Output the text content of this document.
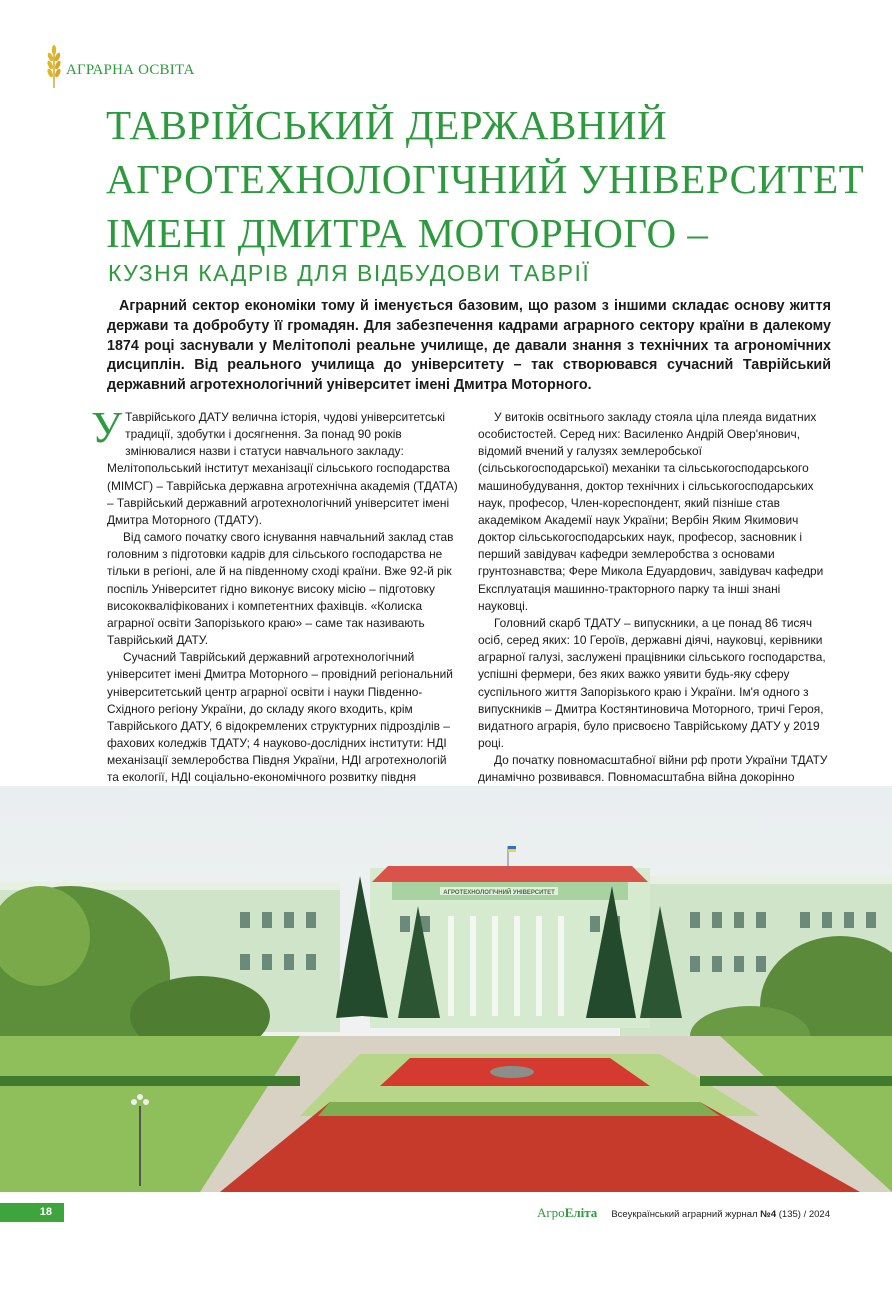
АГРАРНА ОСВІТА
ТАВРІЙСЬКИЙ ДЕРЖАВНИЙ
АГРОТЕХНОЛОГІЧНИЙ УНІВЕРСИТЕТ
ІМЕНІ ДМИТРА МОТОРНОГО –
КУЗНЯ КАДРІВ ДЛЯ ВІДБУДОВИ ТАВРІЇ

Аграрний сектор економіки тому й іменується базовим, що разом з іншими складає основу життя держави та добробуту її громадян. Для забезпечення кадрами аграрного сектору країни в далекому 1874 році заснували у Мелітополі реальне училище, де давали знання з технічних та агрономічних дисциплін. Від реального училища до університету – так створювався сучасний Таврійський державний агротехнологічний університет імені Дмитра Моторного.

У Таврійського ДАТУ велична історія, чудові університетські традиції, здобутки і досягнення. За понад 90 років змінювалися назви і статуси навчального закладу: Мелітопольський інститут механізації сільського господарства (МІМСГ) – Таврійська державна агротехнічна академія (ТДАТА) – Таврійський державний агротехнологічний університет імені Дмитра Моторного (ТДАТУ).

Від самого початку свого існування навчальний заклад став головним з підготовки кадрів для сільського господарства не тільки в регіоні, але й на південному сході країни. Вже 92-й рік поспіль Університет гідно виконує високу місію – підготовку висококваліфікованих і компетентних фахівців. «Колиска аграрної освіти Запорізького краю» – саме так називають Таврійський ДАТУ.

Сучасний Таврійський державний агротехнологічний університет імені Дмитра Моторного – провідний регіональний університетський центр аграрної освіти і науки Південно-Східного регіону України, до складу якого входить, крім Таврійського ДАТУ, 6 відокремлених структурних підрозділів – фахових коледжів ТДАТУ; 4 науково-дослідних інститути: НДІ механізації землеробства Півдня України, НДІ агротехнологій та екології, НДІ соціально-економічного розвитку півдня

У витоків освітнього закладу стояла ціла плеяда видатних особистостей. Серед них: Василенко Андрій Овер'янович, відомий вчений у галузях землеробської (сільськогосподарської) механіки та сільськогосподарського машинобудування, доктор технічних і сільськогосподарських наук, професор, Член-кореспондент, який пізніше став академіком Академії наук України; Вербін Яким Якимович доктор сільськогосподарських наук, професор, засновник і перший завідувач кафедри землеробства з основами грунтознавства; Фере Микола Едуардович, завідувач кафедри Експлуатація машинно-тракторного парку та інші знані науковці.

Головний скарб ТДАТУ – випускники, а це понад 86 тисяч осіб, серед яких: 10 Героїв, державні діячі, науковці, керівники аграрної галузі, заслужені працівники сільського господарства, успішні фермери, без яких важко уявити будь-яку сферу суспільного життя Запорізького краю і України. Ім'я одного з випускників – Дмитра Костянтиновича Моторного, тричі Героя, видатного аграрія, було присвоєно Таврійському ДАТУ у 2019 році.

До початку повномасштабної війни рф проти України ТДАТУ динамічно розвивався. Повномасштабна війна докорінно

АГРОТЕХНОЛОГІЧНИЙ УНІВЕРСИТЕТ
18	АгроЕліта Всеукраїнський аграрний журнал №4 (135) / 2024
